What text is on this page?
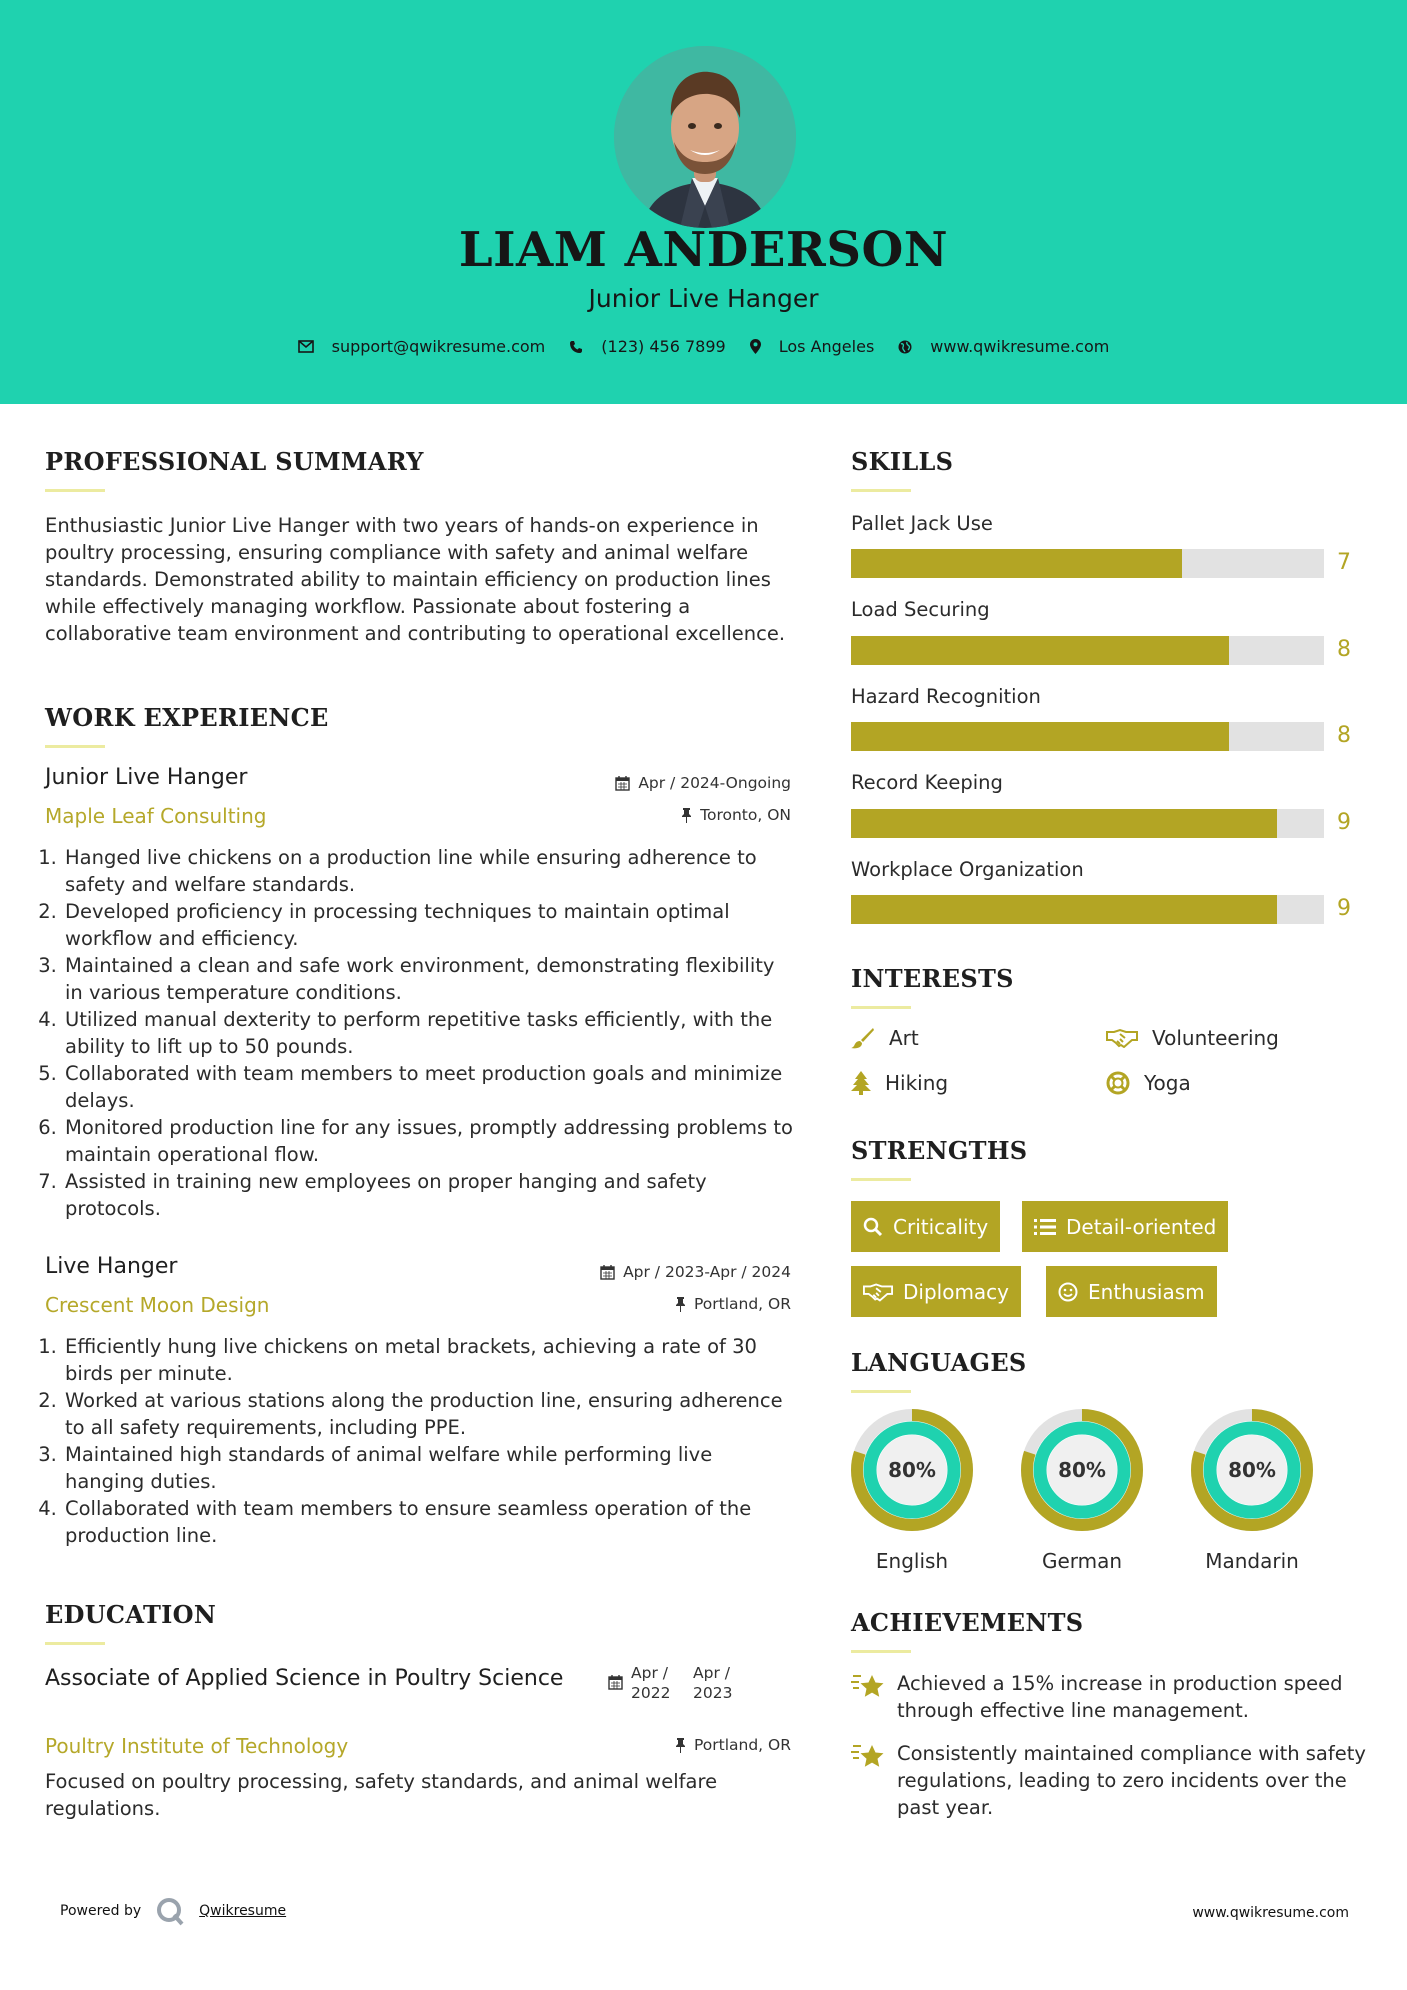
LIAM ANDERSON
Junior Live Hanger
support@qwikresume.com	(123) 456 7899	Los Angeles	www.qwikresume.com
PROFESSIONAL SUMMARY
Enthusiastic Junior Live Hanger with two years of hands-on experience in poultry processing, ensuring compliance with safety and animal welfare standards. Demonstrated ability to maintain efficiency on production lines while effectively managing workflow. Passionate about fostering a collaborative team environment and contributing to operational excellence.
WORK EXPERIENCE
Junior Live Hanger	Apr / 2024-Ongoing
Maple Leaf Consulting	Toronto, ON
1. Hanged live chickens on a production line while ensuring adherence to safety and welfare standards.
2. Developed proficiency in processing techniques to maintain optimal workflow and efficiency.
3. Maintained a clean and safe work environment, demonstrating flexibility in various temperature conditions.
4. Utilized manual dexterity to perform repetitive tasks efficiently, with the ability to lift up to 50 pounds.
5. Collaborated with team members to meet production goals and minimize delays.
6. Monitored production line for any issues, promptly addressing problems to maintain operational flow.
7. Assisted in training new employees on proper hanging and safety protocols.
Live Hanger	Apr / 2023-Apr / 2024
Crescent Moon Design	Portland, OR
1. Efficiently hung live chickens on metal brackets, achieving a rate of 30 birds per minute.
2. Worked at various stations along the production line, ensuring adherence to all safety requirements, including PPE.
3. Maintained high standards of animal welfare while performing live hanging duties.
4. Collaborated with team members to ensure seamless operation of the production line.
EDUCATION
Associate of Applied Science in Poultry Science	Apr / 2022
Apr / 2023
Poultry Institute of Technology	Portland, OR
Focused on poultry processing, safety standards, and animal welfare regulations.
SKILLS
Pallet Jack Use
7
Load Securing
8
Hazard Recognition
8
Record Keeping
9
Workplace Organization
9
INTERESTS
Art	Volunteering
Hiking	Yoga
STRENGTHS
Criticality	Detail-oriented
Diplomacy	Enthusiasm
LANGUAGES
80%
English
80%
German
80%
Mandarin
ACHIEVEMENTS
Achieved a 15% increase in production speed through effective line management.
Consistently maintained compliance with safety regulations, leading to zero incidents over the past year.
Powered by	Qwikresume	www.qwikresume.com
